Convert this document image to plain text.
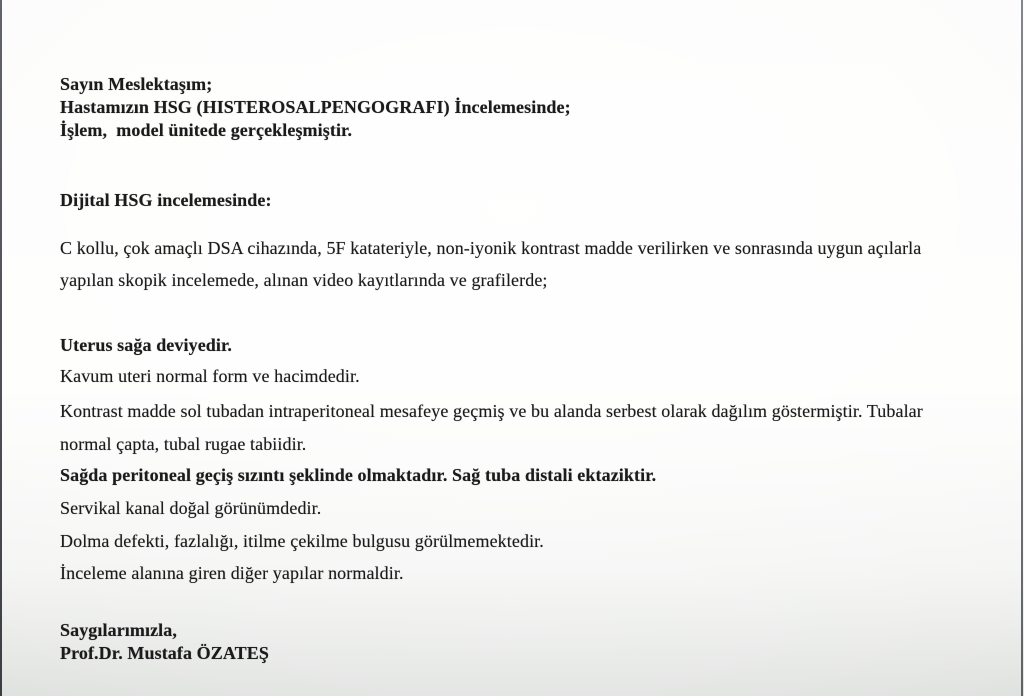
Sayın Meslektaşım;
Hastamızın HSG (HISTEROSALPENGOGRAFI) İncelemesinde;
İşlem,  model ünitede gerçekleşmiştir.
Dijital HSG incelemesinde:
C kollu, çok amaçlı DSA cihazında, 5F katateriyle, non-iyonik kontrast madde verilirken ve sonrasında uygun açılarla
yapılan skopik incelemede, alınan video kayıtlarında ve grafilerde;
Uterus sağa deviyedir.
Kavum uteri normal form ve hacimdedir.
Kontrast madde sol tubadan intraperitoneal mesafeye geçmiş ve bu alanda serbest olarak dağılım göstermiştir. Tubalar
normal çapta, tubal rugae tabiidir.
Sağda peritoneal geçiş sızıntı şeklinde olmaktadır. Sağ tuba distali ektaziktir.
Servikal kanal doğal görünümdedir.
Dolma defekti, fazlalığı, itilme çekilme bulgusu görülmemektedir.
İnceleme alanına giren diğer yapılar normaldir.
Saygılarımızla,
Prof.Dr. Mustafa ÖZATEŞ
